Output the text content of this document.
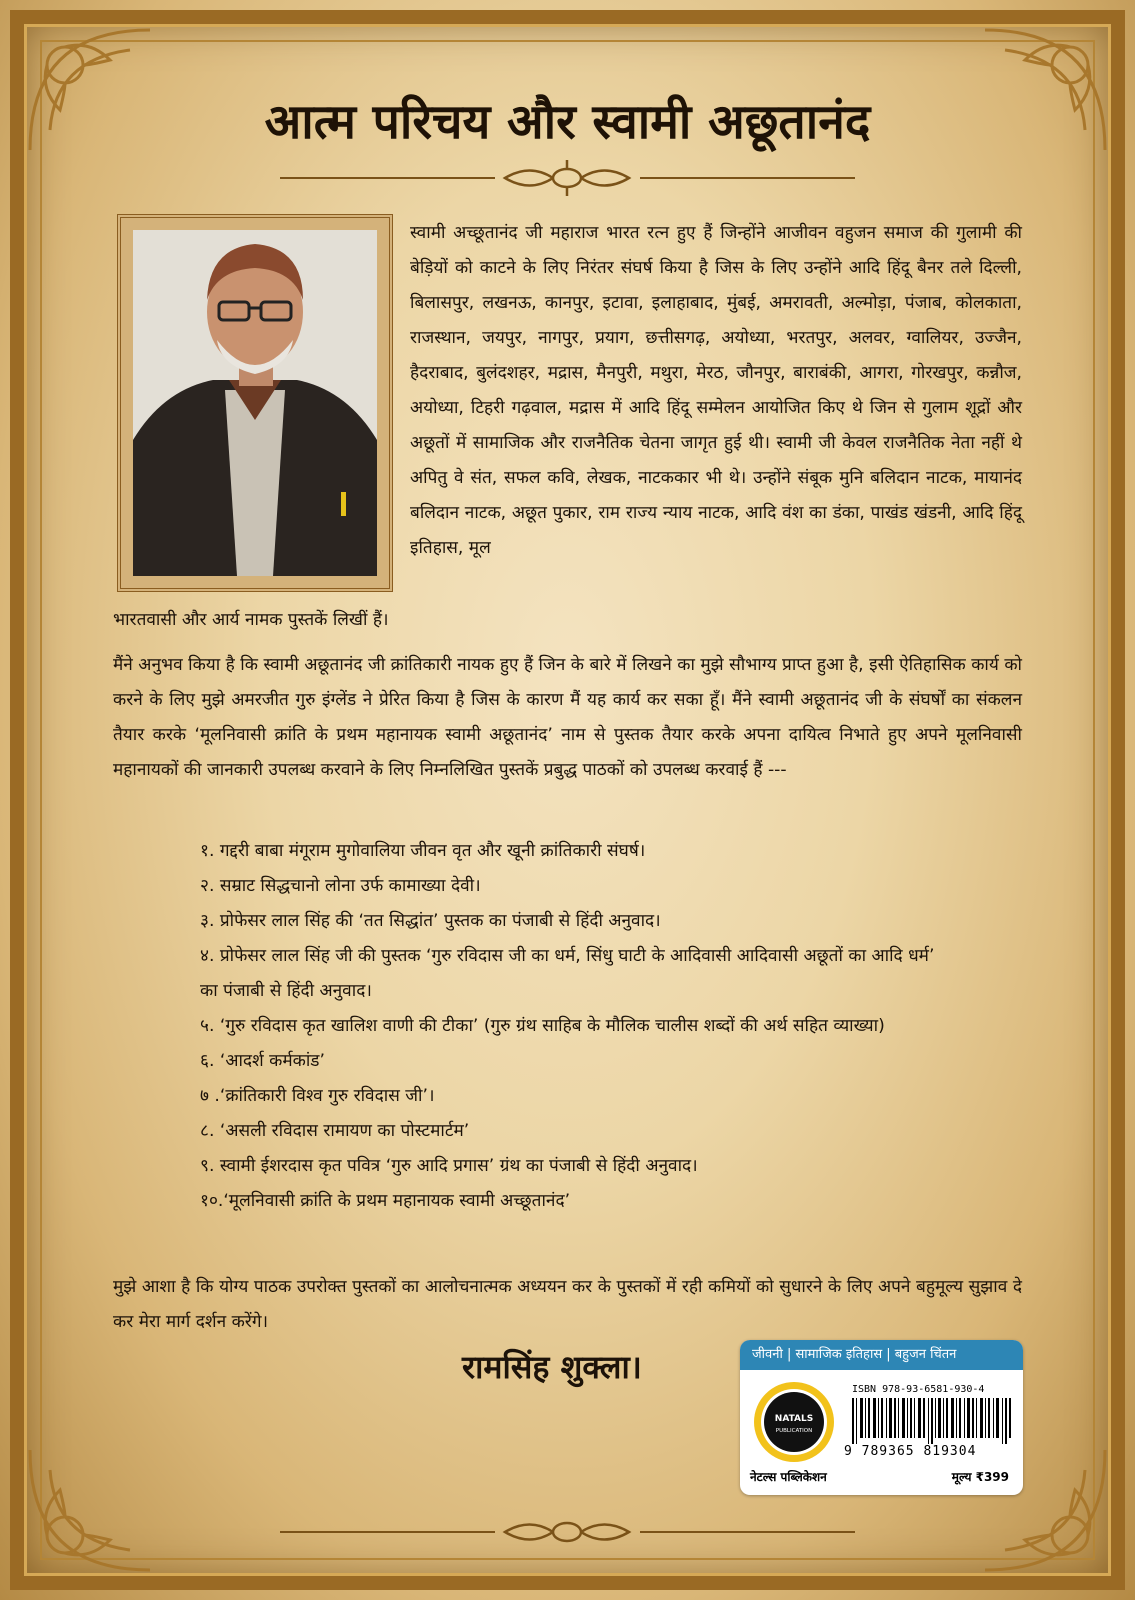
आत्म परिचय और स्वामी अछूतानंद

स्वामी अच्छूतानंद जी महाराज भारत रत्न हुए हैं जिन्होंने आजीवन वहुजन समाज की गुलामी की बेड़ियों को काटने के लिए निरंतर संघर्ष किया है जिस के लिए उन्होंने आदि हिंदू बैनर तले दिल्ली, बिलासपुर, लखनऊ, कानपुर, इटावा, इलाहाबाद, मुंबई, अमरावती, अल्मोड़ा, पंजाब, कोलकाता, राजस्थान, जयपुर, नागपुर, प्रयाग, छत्तीसगढ़, अयोध्या, भरतपुर, अलवर, ग्वालियर, उज्जैन, हैदराबाद, बुलंदशहर, मद्रास, मैनपुरी, मथुरा, मेरठ, जौनपुर, बाराबंकी, आगरा, गोरखपुर, कन्नौज, अयोध्या, टिहरी गढ़वाल, मद्रास में आदि हिंदू सम्मेलन आयोजित किए थे जिन से गुलाम शूद्रों और अछूतों में सामाजिक और राजनैतिक चेतना जागृत हुई थी। स्वामी जी केवल राजनैतिक नेता नहीं थे अपितु वे संत, सफल कवि, लेखक, नाटककार भी थे। उन्होंने संबूक मुनि बलिदान नाटक, मायानंद बलिदान नाटक, अछूत पुकार, राम राज्य न्याय नाटक, आदि वंश का डंका, पाखंड खंडनी, आदि हिंदू इतिहास, मूल

भारतवासी और आर्य नामक पुस्तकें लिखीं हैं।

मैंने अनुभव किया है कि स्वामी अछूतानंद जी क्रांतिकारी नायक हुए हैं जिन के बारे में लिखने का मुझे सौभाग्य प्राप्त हुआ है, इसी ऐतिहासिक कार्य को करने के लिए मुझे अमरजीत गुरु इंग्लेंड ने प्रेरित किया है जिस के कारण मैं यह कार्य कर सका हूँ। मैंने स्वामी अछूतानंद जी के संघर्षों का संकलन तैयार करके ‘मूलनिवासी क्रांति के प्रथम महानायक स्वामी अछूतानंद’ नाम से पुस्तक तैयार करके अपना दायित्व निभाते हुए अपने मूलनिवासी महानायकों की जानकारी उपलब्ध करवाने के लिए निम्नलिखित पुस्तकें प्रबुद्ध पाठकों को उपलब्ध करवाई हैं ---

१. गद्दरी बाबा मंगूराम मुगोवालिया जीवन वृत और खूनी क्रांतिकारी संघर्ष।
२. सम्राट सिद्धचानो लोना उर्फ कामाख्या देवी।
३. प्रोफेसर लाल सिंह की ‘तत सिद्धांत’ पुस्तक का पंजाबी से हिंदी अनुवाद।
४. प्रोफेसर लाल सिंह जी की पुस्तक ‘गुरु रविदास जी का धर्म, सिंधु घाटी के आदिवासी आदिवासी अछूतों का आदि धर्म’ का पंजाबी से हिंदी अनुवाद।
५. ‘गुरु रविदास कृत खालिश वाणी की टीका’ (गुरु ग्रंथ साहिब के मौलिक चालीस शब्दों की अर्थ सहित व्याख्या)
६. ‘आदर्श कर्मकांड’
७ .‘क्रांतिकारी विश्व गुरु रविदास जी’।
८. ‘असली रविदास रामायण का पोस्टमार्टम’
९. स्वामी ईशरदास कृत पवित्र ‘गुरु आदि प्रगास’ ग्रंथ का पंजाबी से हिंदी अनुवाद।
१०.‘मूलनिवासी क्रांति के प्रथम महानायक स्वामी अच्छूतानंद’

मुझे आशा है कि योग्य पाठक उपरोक्त पुस्तकों का आलोचनात्मक अध्ययन कर के पुस्तकों में रही कमियों को सुधारने के लिए अपने बहुमूल्य सुझाव दे कर मेरा मार्ग दर्शन करेंगे।

रामसिंह शुक्ला।	जीवनी | सामाजिक इतिहास | बहुजन चिंतन
NATALS
PUBLICATION
ISBN 978-93-6581-930-4
9 789365 819304
नेटल्स पब्लिकेशन	मूल्य ₹399
